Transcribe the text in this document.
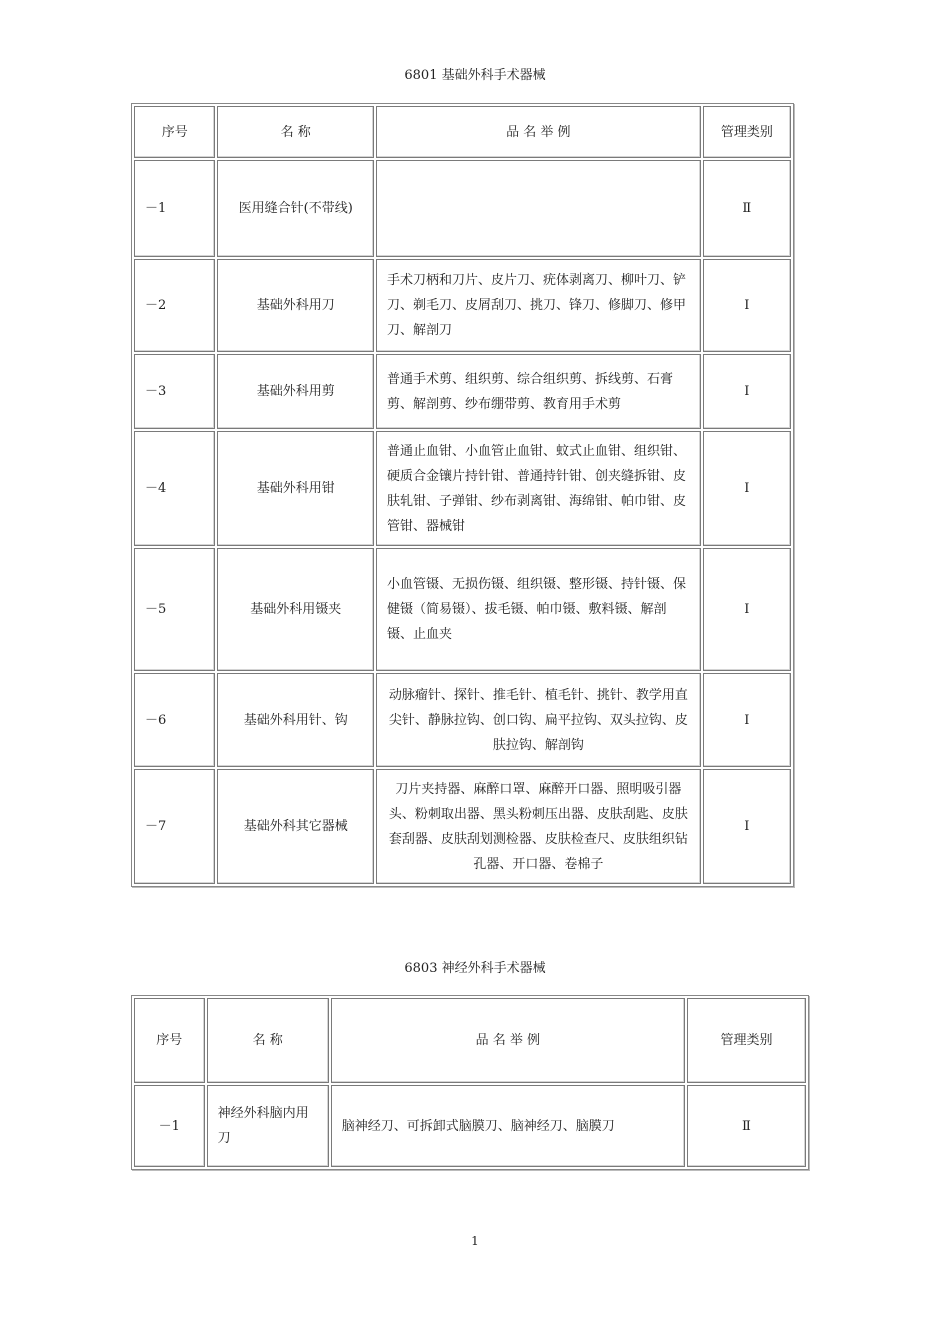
6801 基础外科手术器械
序号	名 称	品 名 举 例	管理类别
－1	医用缝合针(不带线)		Ⅱ
－2	基础外科用刀	手术刀柄和刀片、皮片刀、疣体剥离刀、柳叶刀、铲刀、剃毛刀、皮屑刮刀、挑刀、锋刀、修脚刀、修甲刀、解剖刀	Ⅰ
－3	基础外科用剪	普通手术剪、组织剪、综合组织剪、拆线剪、石膏剪、解剖剪、纱布绷带剪、教育用手术剪	Ⅰ
－4	基础外科用钳	普通止血钳、小血管止血钳、蚊式止血钳、组织钳、硬质合金镶片持针钳、普通持针钳、创夹缝拆钳、皮肤轧钳、子弹钳、纱布剥离钳、海绵钳、帕巾钳、皮管钳、器械钳	Ⅰ
－5	基础外科用镊夹	小血管镊、无损伤镊、组织镊、整形镊、持针镊、保健镊（简易镊）、拔毛镊、帕巾镊、敷料镊、解剖镊、止血夹	Ⅰ
－6	基础外科用针、钩	动脉瘤针、探针、推毛针、植毛针、挑针、教学用直尖针、静脉拉钩、创口钩、扁平拉钩、双头拉钩、皮肤拉钩、解剖钩	Ⅰ
－7	基础外科其它器械	刀片夹持器、麻醉口罩、麻醉开口器、照明吸引器头、粉刺取出器、黑头粉刺压出器、皮肤刮匙、皮肤套刮器、皮肤刮划测检器、皮肤检查尺、皮肤组织钻孔器、开口器、卷棉子	Ⅰ
6803 神经外科手术器械
序号	名 称	品 名 举 例	管理类别
－1	神经外科脑内用刀	脑神经刀、可拆卸式脑膜刀、脑神经刀、脑膜刀	Ⅱ
1
